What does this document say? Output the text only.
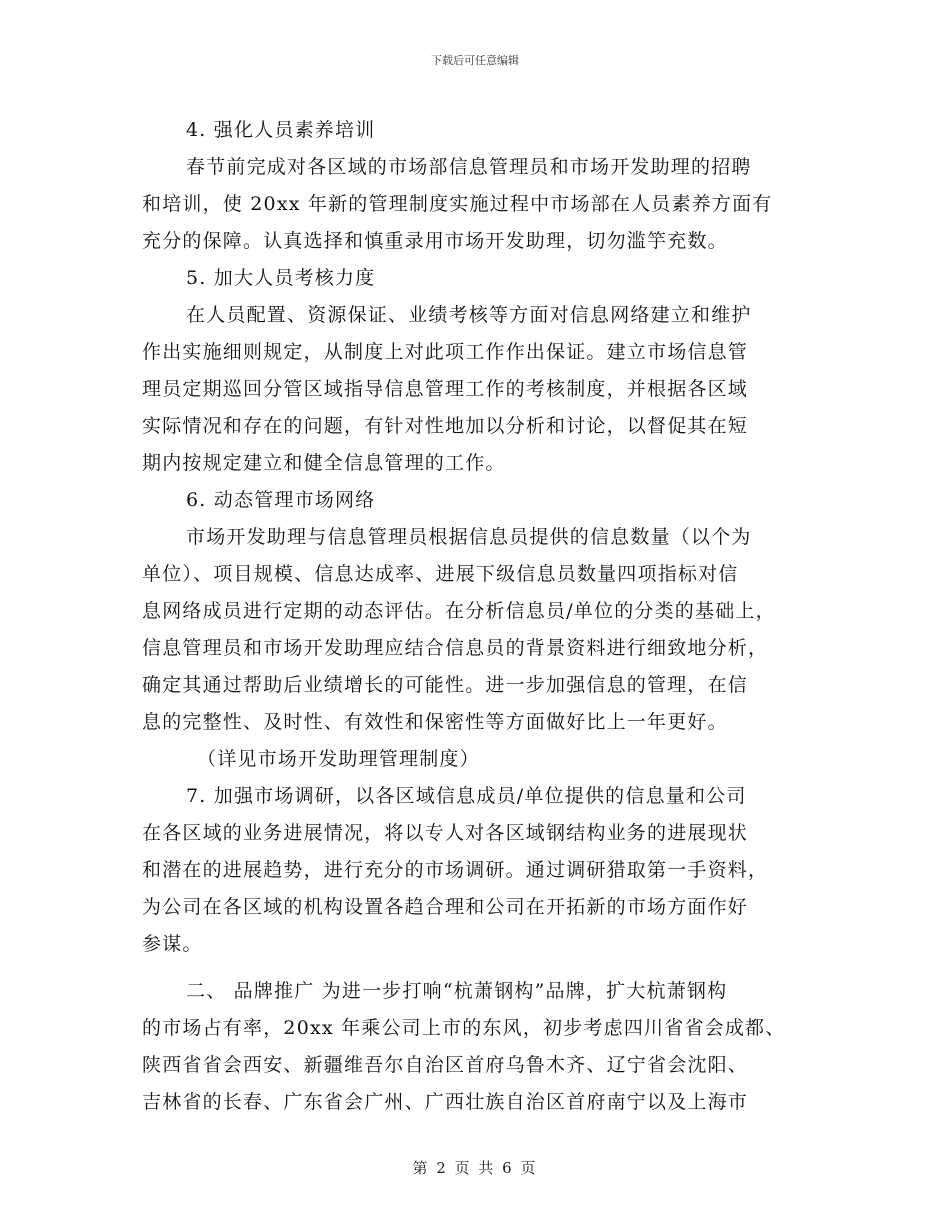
下载后可任意编辑
4. 强化人员素养培训
春节前完成对各区域的市场部信息管理员和市场开发助理的招聘
和培训，使 20xx 年新的管理制度实施过程中市场部在人员素养方面有
充分的保障。认真选择和慎重录用市场开发助理，切勿滥竽充数。
5. 加大人员考核力度
在人员配置、资源保证、业绩考核等方面对信息网络建立和维护
作出实施细则规定，从制度上对此项工作作出保证。建立市场信息管
理员定期巡回分管区域指导信息管理工作的考核制度，并根据各区域
实际情况和存在的问题，有针对性地加以分析和讨论，以督促其在短
期内按规定建立和健全信息管理的工作。
6. 动态管理市场网络
市场开发助理与信息管理员根据信息员提供的信息数量（以个为
单位）、项目规模、信息达成率、进展下级信息员数量四项指标对信
息网络成员进行定期的动态评估。在分析信息员/单位的分类的基础上，
信息管理员和市场开发助理应结合信息员的背景资料进行细致地分析，
确定其通过帮助后业绩增长的可能性。进一步加强信息的管理，在信
息的完整性、及时性、有效性和保密性等方面做好比上一年更好。
（详见市场开发助理管理制度）
7. 加强市场调研，以各区域信息成员/单位提供的信息量和公司
在各区域的业务进展情况，将以专人对各区域钢结构业务的进展现状
和潜在的进展趋势，进行充分的市场调研。通过调研猎取第一手资料，
为公司在各区域的机构设置各趋合理和公司在开拓新的市场方面作好
参谋。
二、 品牌推广 为进一步打响“杭萧钢构”品牌，扩大杭萧钢构
的市场占有率，20xx 年乘公司上市的东风，初步考虑四川省省会成都、
陕西省省会西安、新疆维吾尔自治区首府乌鲁木齐、辽宁省会沈阳、
吉林省的长春、广东省会广州、广西壮族自治区首府南宁以及上海市
第 2 页 共 6 页
